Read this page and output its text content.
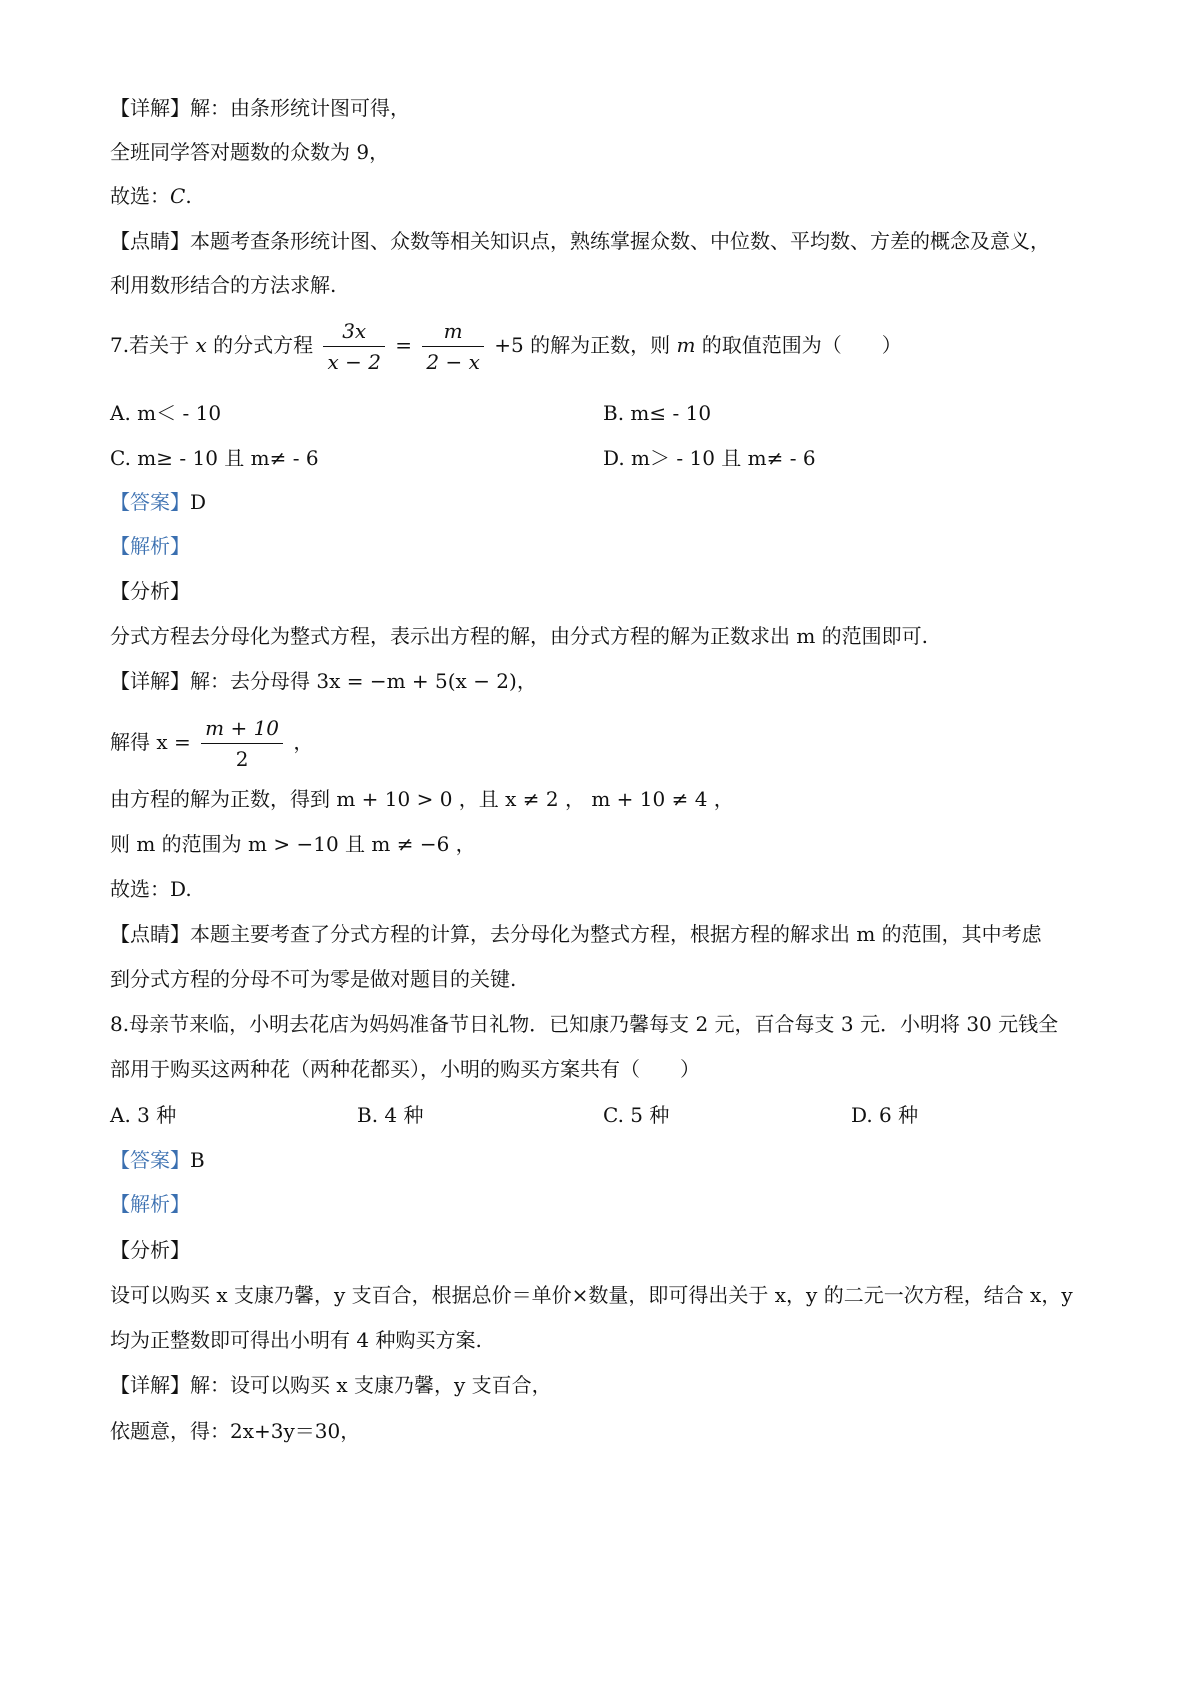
【详解】解：由条形统计图可得，
全班同学答对题数的众数为 9，
故选：C.
【点睛】本题考查条形统计图、众数等相关知识点，熟练掌握众数、中位数、平均数、方差的概念及意义，
利用数形结合的方法求解.
7.若关于 x 的分式方程 $\frac{3x}{x - 2} = \frac{m}{2 - x} +5$ 的解为正数，则 m 的取值范围为（　　）
A. m＜ - 10	B. m≤ - 10
C. m≥ - 10 且 m≠ - 6	D. m＞ - 10 且 m≠ - 6
【答案】D
【解析】
【分析】
分式方程去分母化为整式方程，表示出方程的解，由分式方程的解为正数求出 m 的范围即可.
【详解】解：去分母得 3x = −m + 5(x − 2)，
解得 $x = \frac{m + 10}{2}$ ，
由方程的解为正数，得到 m + 10 > 0 ，且 x ≠ 2 ， m + 10 ≠ 4 ，
则 m 的范围为 m > −10 且 m ≠ −6 ，
故选：D.
【点睛】本题主要考查了分式方程的计算，去分母化为整式方程，根据方程的解求出 m 的范围，其中考虑
到分式方程的分母不可为零是做对题目的关键.
8.母亲节来临，小明去花店为妈妈准备节日礼物．已知康乃馨每支 2 元，百合每支 3 元．小明将 30 元钱全
部用于购买这两种花（两种花都买），小明的购买方案共有（　　）
A. 3 种	B. 4 种	C. 5 种	D. 6 种
【答案】B
【解析】
【分析】
设可以购买 x 支康乃馨，y 支百合，根据总价＝单价×数量，即可得出关于 x，y 的二元一次方程，结合 x，y
均为正整数即可得出小明有 4 种购买方案.
【详解】解：设可以购买 x 支康乃馨，y 支百合，
依题意，得：2x+3y＝30，
